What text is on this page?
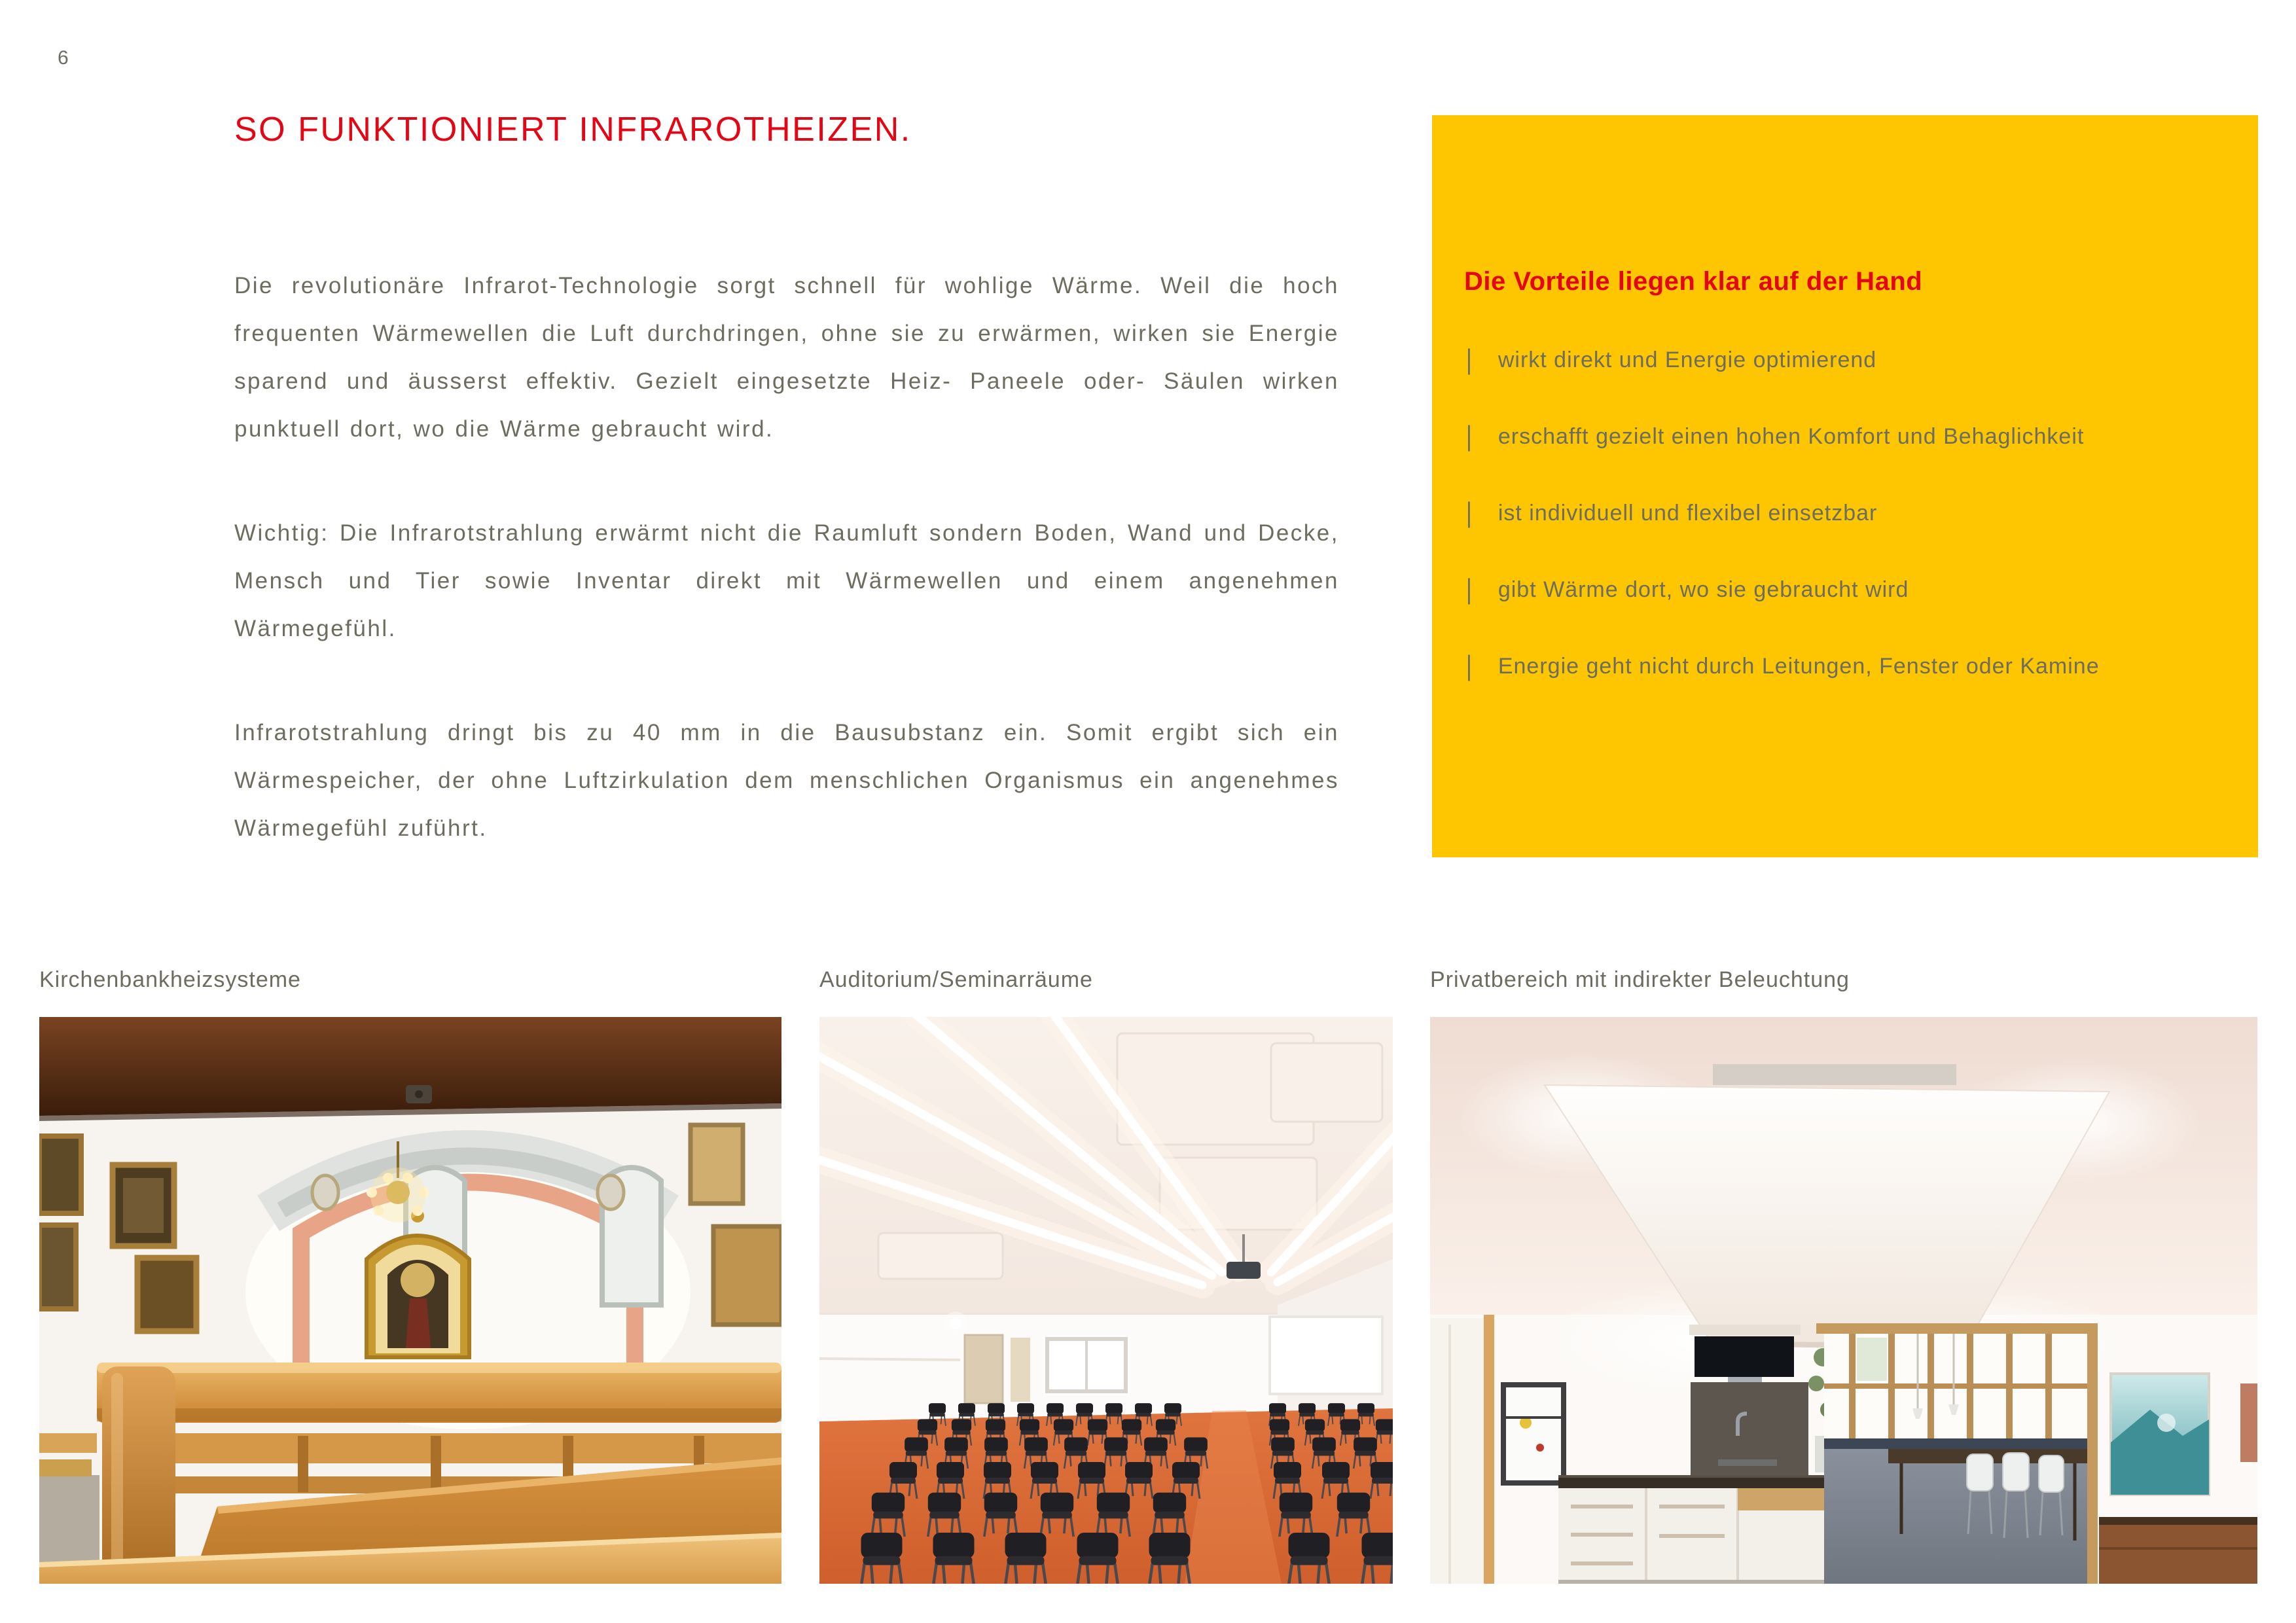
6
SO FUNKTIONIERT INFRAROTHEIZEN.

Die revolutionäre Infrarot-Technologie sorgt schnell für wohlige Wärme. Weil die hoch frequenten Wärmewellen die Luft durchdringen, ohne sie zu erwärmen, wirken sie Energie sparend und äusserst effektiv. Gezielt eingesetzte Heiz- Paneele oder- Säulen wirken punktuell dort, wo die Wärme gebraucht wird.

Wichtig: Die Infrarotstrahlung erwärmt nicht die Raumluft sondern Boden, Wand und Decke, Mensch und Tier sowie Inventar direkt mit Wärmewellen und einem angenehmen Wärmegefühl.

Infrarotstrahlung dringt bis zu 40 mm in die Bausubstanz ein. Somit ergibt sich ein Wärmespeicher, der ohne Luftzirkulation dem menschlichen Organismus ein angenehmes Wärmegefühl zuführt.

Die Vorteile liegen klar auf der Hand
| wirkt direkt und Energie optimierend
| erschafft gezielt einen hohen Komfort und Behaglichkeit
| ist individuell und flexibel einsetzbar
| gibt Wärme dort, wo sie gebraucht wird
| Energie geht nicht durch Leitungen, Fenster oder Kamine
Kirchenbankheizsysteme	Auditorium/Seminarräume	Privatbereich mit indirekter Beleuchtung
